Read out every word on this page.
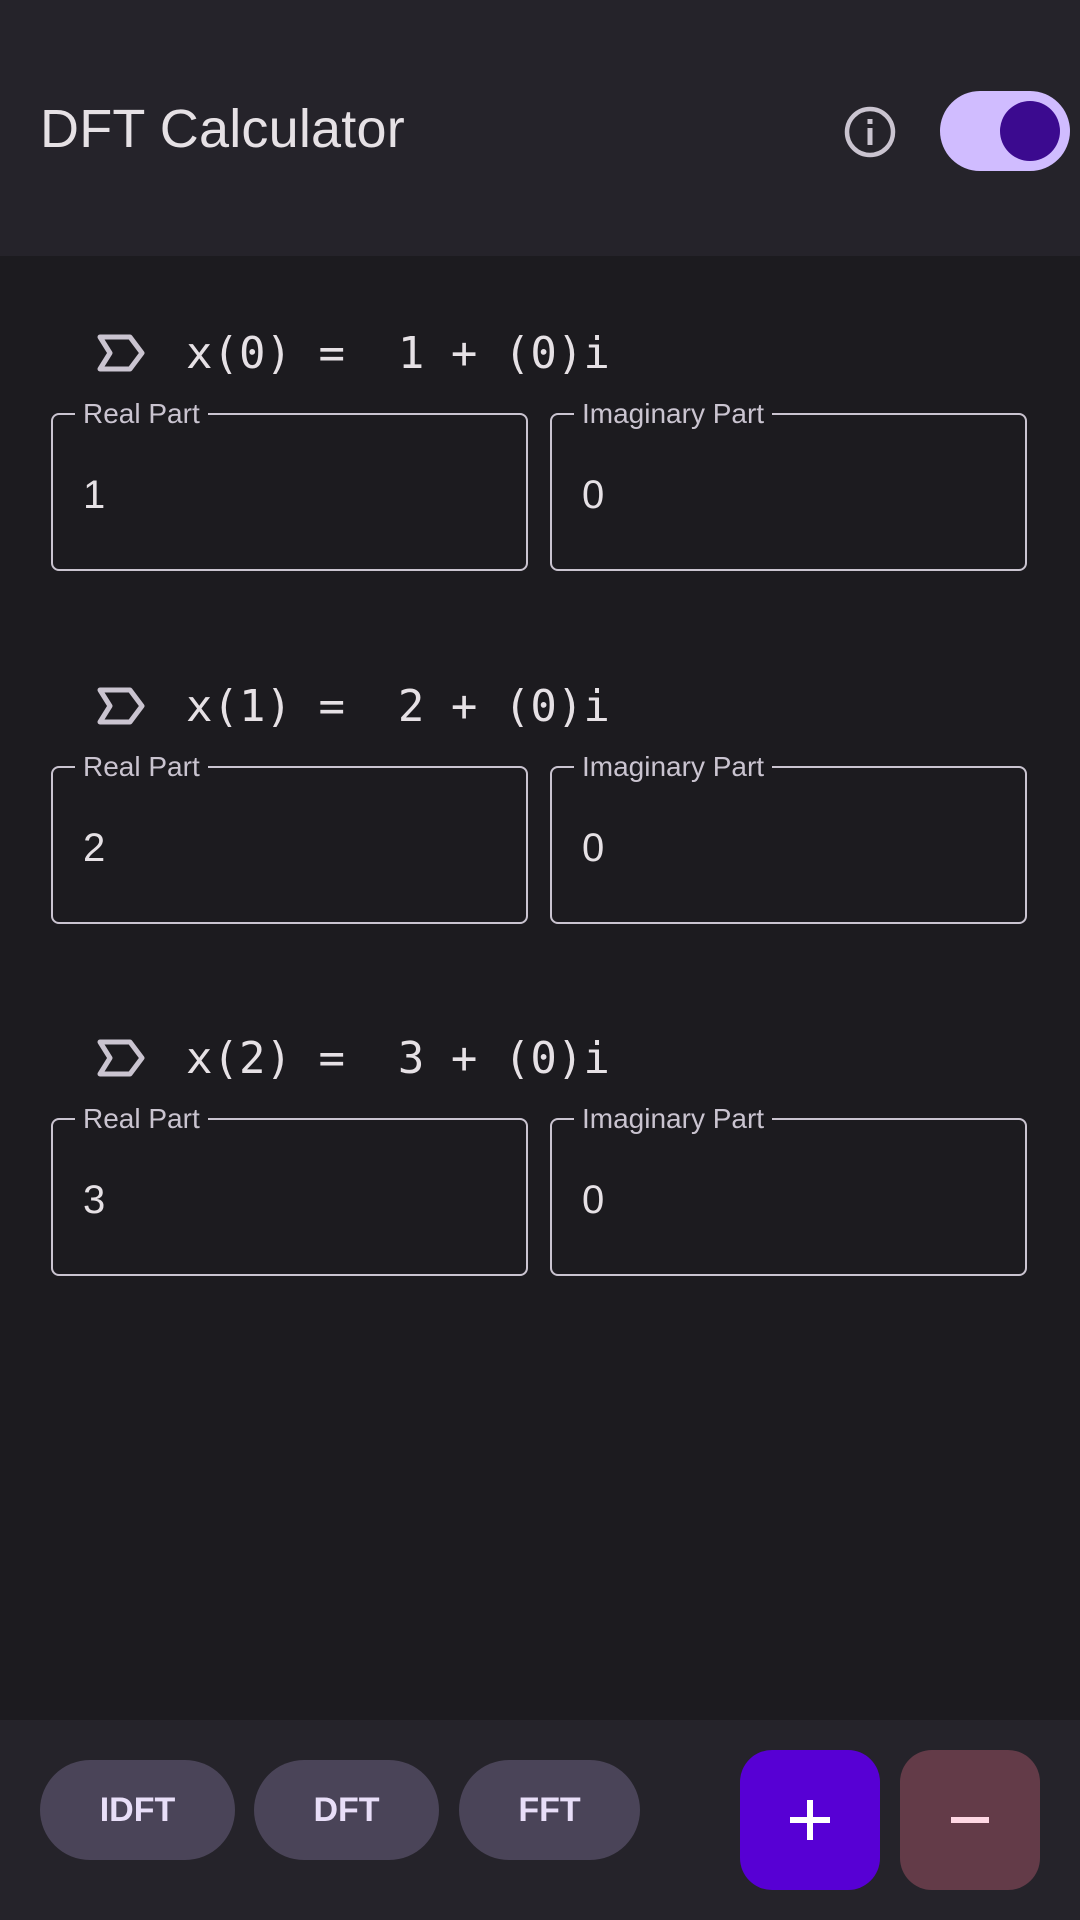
DFT Calculator
x(0) =  1 + (0)i
Real Part
1
Imaginary Part
0
x(1) =  2 + (0)i
Real Part
2
Imaginary Part
0
x(2) =  3 + (0)i
Real Part
3
Imaginary Part
0
IDFT	DFT	FFT
